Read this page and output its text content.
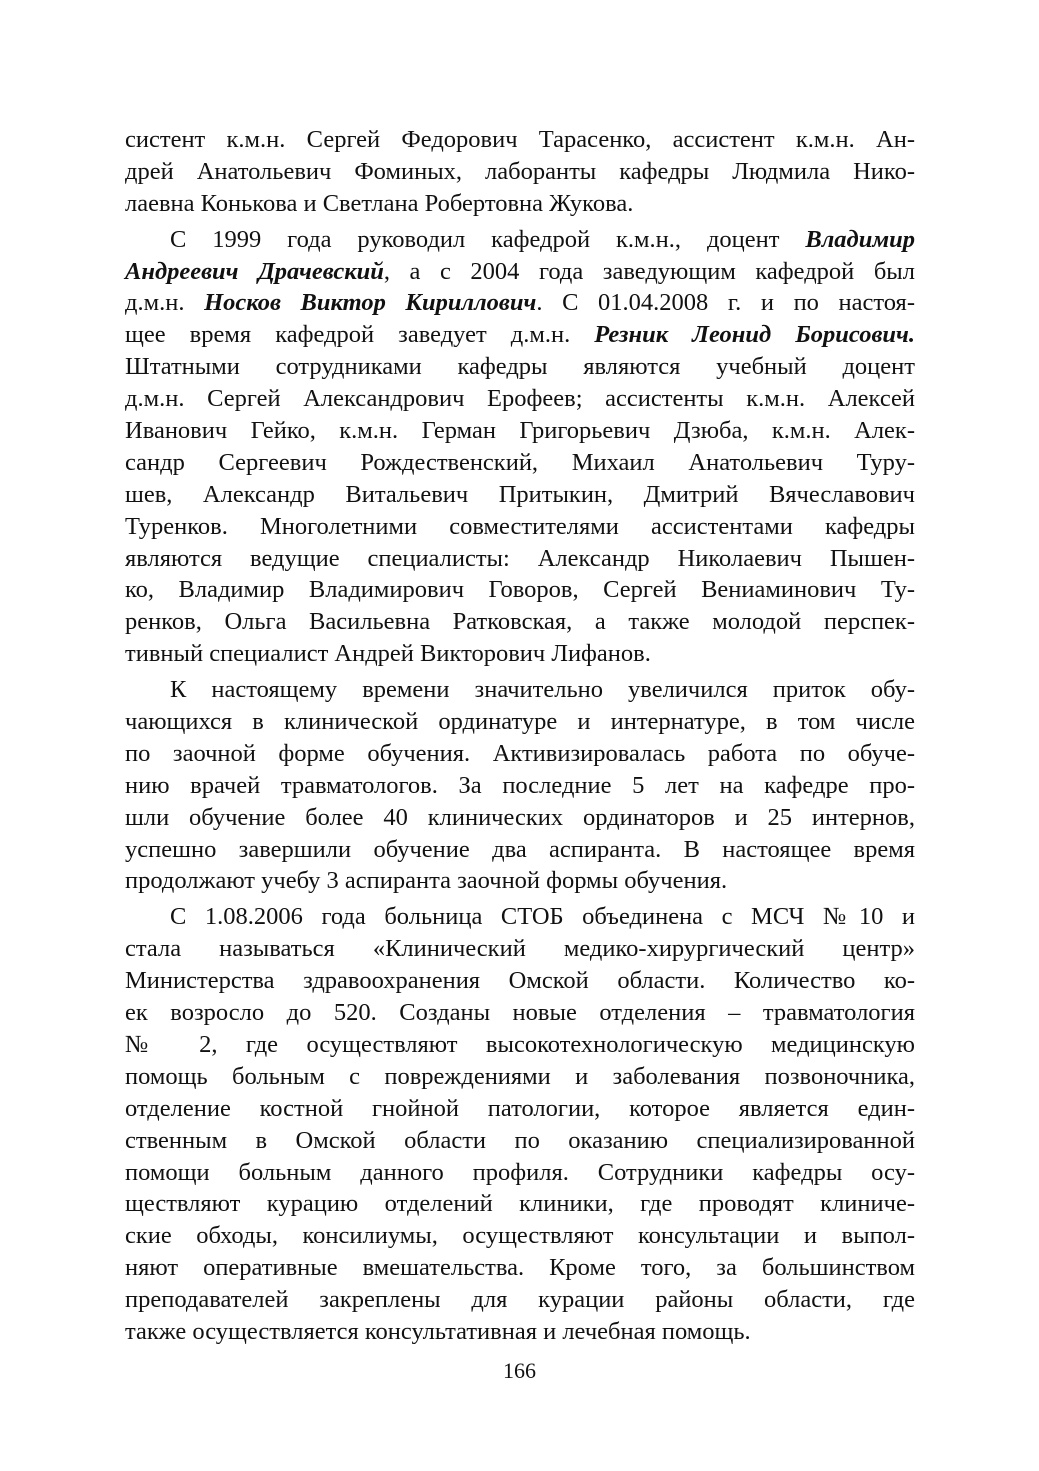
систент к.м.н. Сергей Федорович Тарасенко, ассистент к.м.н. Ан-
дрей Анатольевич Фоминых, лаборанты кафедры Людмила Нико-
лаевна Конькова и Светлана Робертовна Жукова.
С 1999 года руководил кафедрой к.м.н., доцент Владимир
Андреевич Драчевский, а с 2004 года заведующим кафедрой был
д.м.н. Носков Виктор Кириллович. С 01.04.2008 г. и по настоя-
щее время кафедрой заведует д.м.н. Резник Леонид Борисович.
Штатными сотрудниками кафедры являются учебный доцент
д.м.н. Сергей Александрович Ерофеев; ассистенты к.м.н. Алексей
Иванович Гейко, к.м.н. Герман Григорьевич Дзюба, к.м.н. Алек-
сандр Сергеевич Рождественский, Михаил Анатольевич Туру-
шев, Александр Витальевич Притыкин, Дмитрий Вячеславович
Туренков. Многолетними совместителями ассистентами кафедры
являются ведущие специалисты: Александр Николаевич Пышен-
ко, Владимир Владимирович Говоров, Сергей Вениаминович Ту-
ренков, Ольга Васильевна Ратковская, а также молодой перспек-
тивный специалист Андрей Викторович Лифанов.
К настоящему времени значительно увеличился приток обу-
чающихся в клинической ординатуре и интернатуре, в том числе
по заочной форме обучения. Активизировалась работа по обуче-
нию врачей травматологов. За последние 5 лет на кафедре про-
шли обучение более 40 клинических ординаторов и 25 интернов,
успешно завершили обучение два аспиранта. В настоящее время
продолжают учебу 3 аспиранта заочной формы обучения.
С 1.08.2006 года больница СТОБ объединена с МСЧ №10 и
стала называться «Клинический медико-хирургический центр»
Министерства здравоохранения Омской области. Количество ко-
ек возросло до 520. Созданы новые отделения – травматология
№ 2, где осуществляют высокотехнологическую медицинскую
помощь больным с повреждениями и заболевания позвоночника,
отделение костной гнойной патологии, которое является един-
ственным в Омской области по оказанию специализированной
помощи больным данного профиля. Сотрудники кафедры осу-
ществляют курацию отделений клиники, где проводят клиниче-
ские обходы, консилиумы, осуществляют консультации и выпол-
няют оперативные вмешательства. Кроме того, за большинством
преподавателей закреплены для курации районы области, где
также осуществляется консультативная и лечебная помощь.
166
